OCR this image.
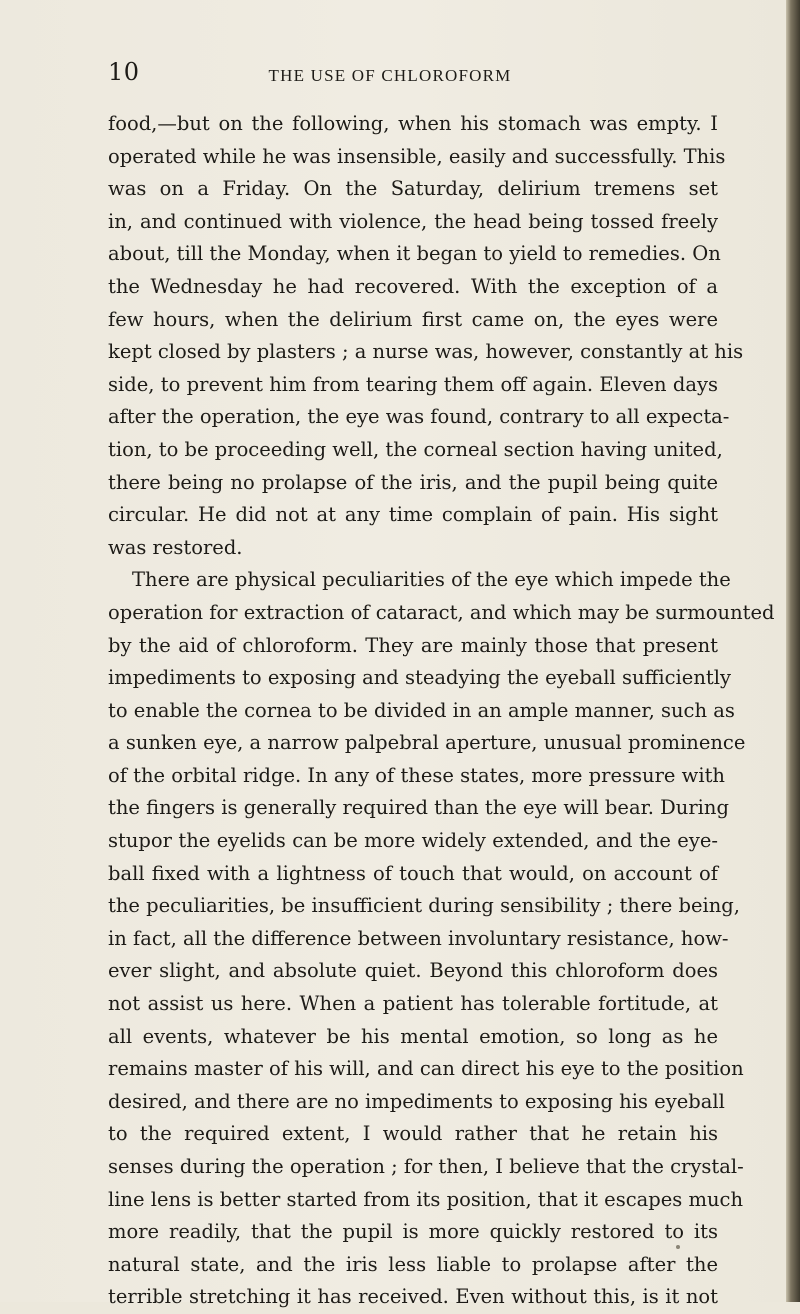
10	THE USE OF CHLOROFORM
food,—but on the following, when his stomach was empty. I
operated while he was insensible, easily and successfully. This
was on a Friday. On the Saturday, delirium tremens set
in, and continued with violence, the head being tossed freely
about, till the Monday, when it began to yield to remedies. On
the Wednesday he had recovered. With the exception of a
few hours, when the delirium first came on, the eyes were
kept closed by plasters ; a nurse was, however, constantly at his
side, to prevent him from tearing them off again. Eleven days
after the operation, the eye was found, contrary to all expecta-
tion, to be proceeding well, the corneal section having united,
there being no prolapse of the iris, and the pupil being quite
circular. He did not at any time complain of pain. His sight
was restored.
There are physical peculiarities of the eye which impede the
operation for extraction of cataract, and which may be surmounted
by the aid of chloroform. They are mainly those that present
impediments to exposing and steadying the eyeball sufficiently
to enable the cornea to be divided in an ample manner, such as
a sunken eye, a narrow palpebral aperture, unusual prominence
of the orbital ridge. In any of these states, more pressure with
the fingers is generally required than the eye will bear. During
stupor the eyelids can be more widely extended, and the eye-
ball fixed with a lightness of touch that would, on account of
the peculiarities, be insufficient during sensibility ; there being,
in fact, all the difference between involuntary resistance, how-
ever slight, and absolute quiet. Beyond this chloroform does
not assist us here. When a patient has tolerable fortitude, at
all events, whatever be his mental emotion, so long as he
remains master of his will, and can direct his eye to the position
desired, and there are no impediments to exposing his eyeball
to the required extent, I would rather that he retain his
senses during the operation ; for then, I believe that the crystal-
line lens is better started from its position, that it escapes much
more readily, that the pupil is more quickly restored to its
natural state, and the iris less liable to prolapse after the
terrible stretching it has received. Even without this, is it not
